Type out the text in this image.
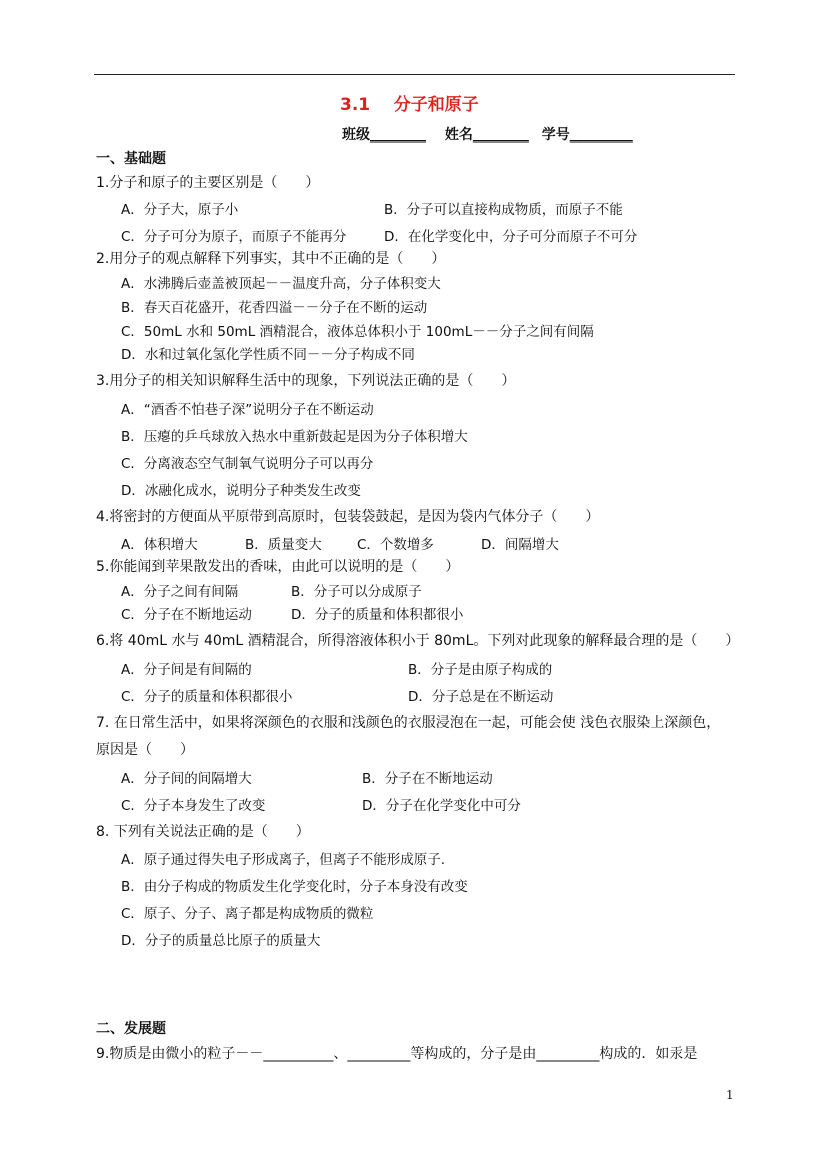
3.1    分子和原子
班级________ 姓名________ 学号_________
一、基础题
1.分子和原子的主要区别是（　　）
A．分子大，原子小	B．分子可以直接构成物质，而原子不能
C．分子可分为原子，而原子不能再分	D．在化学变化中，分子可分而原子不可分
2.用分子的观点解释下列事实，其中不正确的是（　　）
A．水沸腾后壶盖被顶起－－温度升高，分子体积变大
B．春天百花盛开，花香四溢－－分子在不断的运动
C．50mL 水和 50mL 酒精混合，液体总体积小于 100mL－－分子之间有间隔
D．水和过氧化氢化学性质不同－－分子构成不同
3.用分子的相关知识解释生活中的现象，下列说法正确的是（　　）
A．“酒香不怕巷子深”说明分子在不断运动
B．压瘪的乒乓球放入热水中重新鼓起是因为分子体积增大
C．分离液态空气制氧气说明分子可以再分
D．冰融化成水，说明分子种类发生改变
4.将密封的方便面从平原带到高原时，包装袋鼓起，是因为袋内气体分子（　　）
A．体积增大	B．质量变大	C．个数增多	D．间隔增大
5.你能闻到苹果散发出的香味，由此可以说明的是（　　）
A．分子之间有间隔	B．分子可以分成原子
C．分子在不断地运动	D．分子的质量和体积都很小
6.将 40mL 水与 40mL 酒精混合，所得溶液体积小于 80mL。下列对此现象的解释最合理的是（　　）
A．分子间是有间隔的	B．分子是由原子构成的
C．分子的质量和体积都很小	D．分子总是在不断运动
7. 在日常生活中，如果将深颜色的衣服和浅颜色的衣服浸泡在一起，可能会使 浅色衣服染上深颜色，
原因是（　　）
A．分子间的间隔增大	B．分子在不断地运动
C．分子本身发生了改变	D．分子在化学变化中可分
8. 下列有关说法正确的是（　　）
A．原子通过得失电子形成离子，但离子不能形成原子.
B．由分子构成的物质发生化学变化时，分子本身没有改变
C．原子、分子、离子都是构成物质的微粒
D．分子的质量总比原子的质量大
二、发展题
9.物质是由微小的粒子－－__________、_________等构成的，分子是由_________构成的．如汞是
1
